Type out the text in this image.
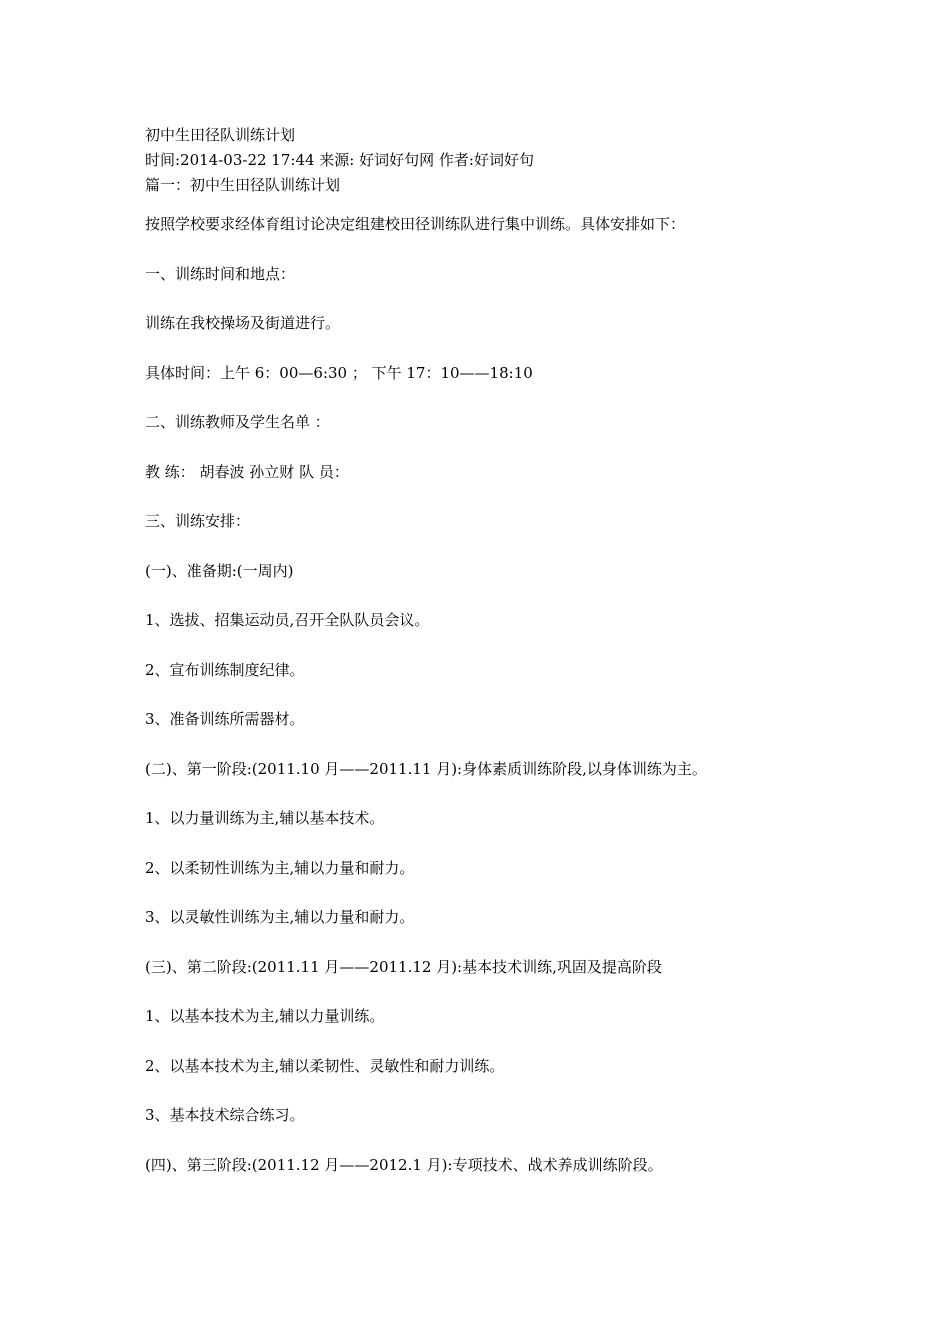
初中生田径队训练计划
时间:2014-03-22 17:44 来源: 好词好句网 作者:好词好句
篇一：初中生田径队训练计划

按照学校要求经体育组讨论决定组建校田径训练队进行集中训练。具体安排如下：

一、训练时间和地点：

训练在我校操场及街道进行。

具体时间：上午 6：00—6:30 ； 下午 17：10——18:10

二、训练教师及学生名单 ：

教 练： 胡春波 孙立财 队 员：

三、训练安排：

(一)、准备期:(一周内)

1、选拔、招集运动员,召开全队队员会议。

2、宣布训练制度纪律。

3、准备训练所需器材。

(二)、第一阶段:(2011.10 月——2011.11 月):身体素质训练阶段,以身体训练为主。

1、以力量训练为主,辅以基本技术。

2、以柔韧性训练为主,辅以力量和耐力。

3、以灵敏性训练为主,辅以力量和耐力。

(三)、第二阶段:(2011.11 月——2011.12 月):基本技术训练,巩固及提高阶段

1、以基本技术为主,辅以力量训练。

2、以基本技术为主,辅以柔韧性、灵敏性和耐力训练。

3、基本技术综合练习。

(四)、第三阶段:(2011.12 月——2012.1 月):专项技术、战术养成训练阶段。
